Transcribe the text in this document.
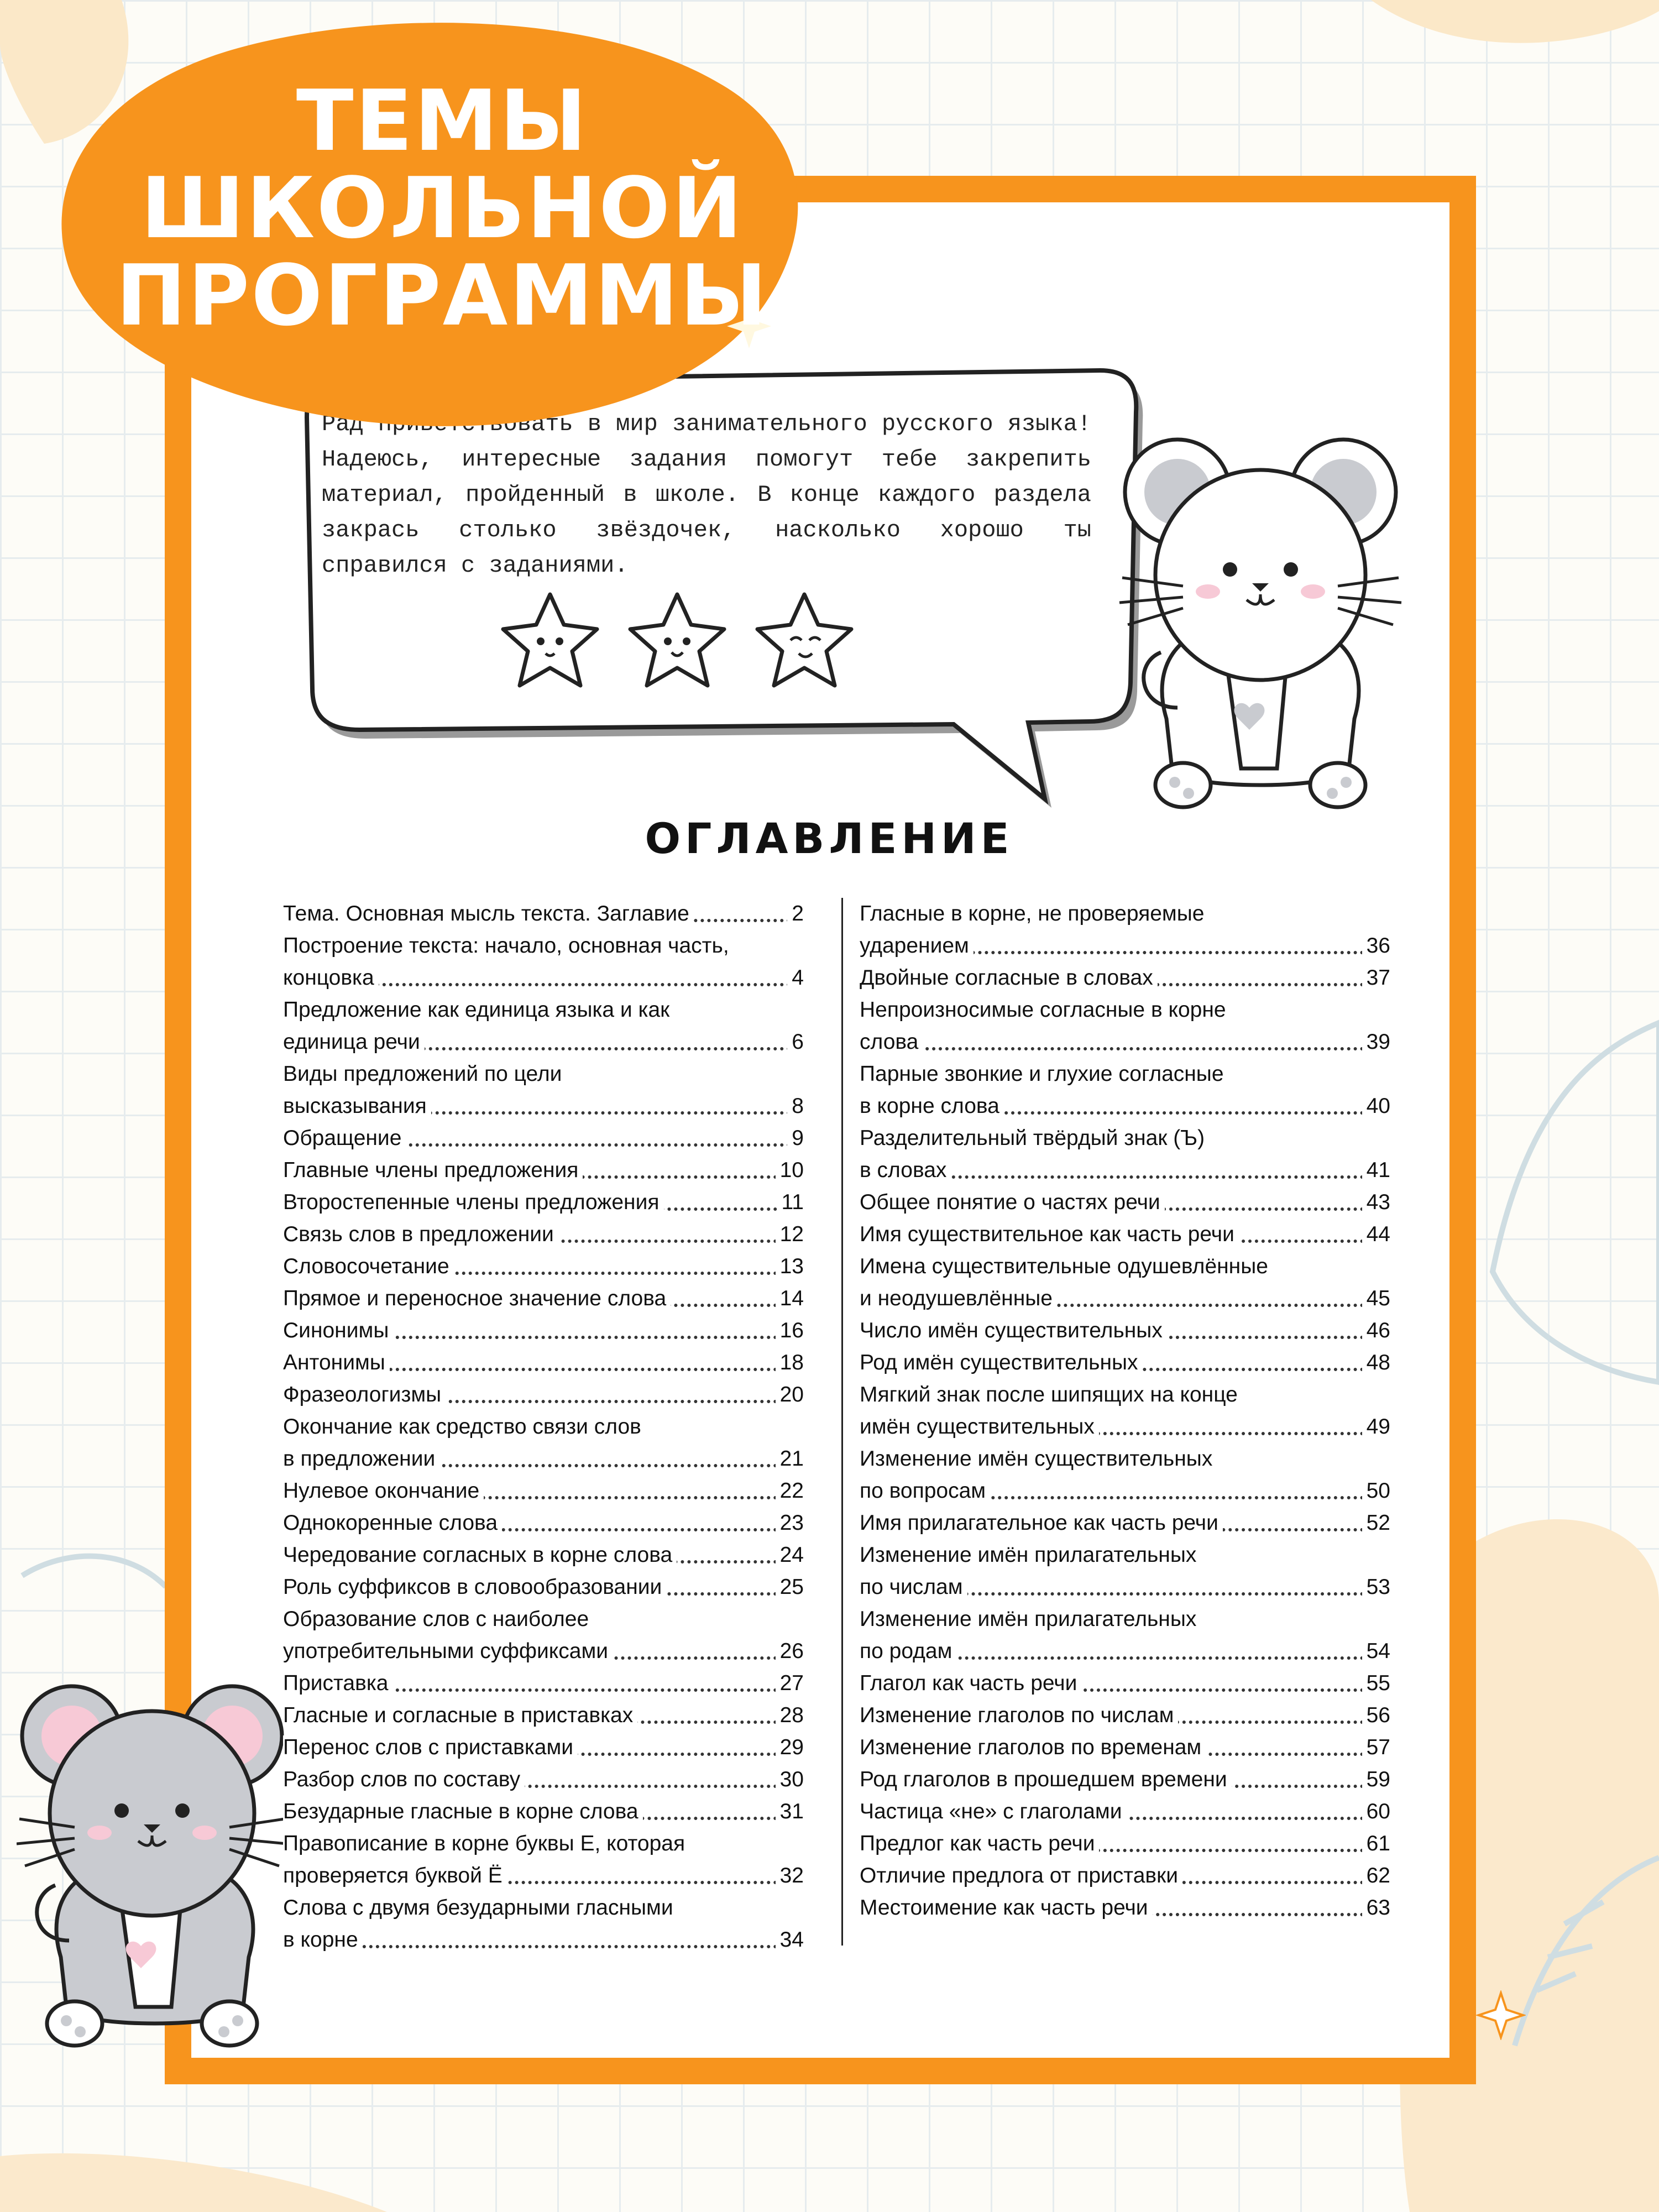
Рад приветствовать в мир занимательного русского языка! Надеюсь, интересные задания помогут тебе закрепить материал, пройденный в школе. В конце каждого раздела закрась столько звёздочек, насколько хорошо ты справился с заданиями.
ТЕМЫ
ШКОЛЬНОЙ
ПРОГРАММЫ
ОГЛАВЛЕНИЕ
Тема. Основная мысль текста. Заглавие	2
Построение текста: начало, основная часть,
концовка	4
Предложение как единица языка и как
единица речи	6
Виды предложений по цели
высказывания	8
Обращение	9
Главные члены предложения	10
Второстепенные члены предложения	11
Связь слов в предложении	12
Словосочетание	13
Прямое и переносное значение слова	14
Синонимы	16
Антонимы	18
Фразеологизмы	20
Окончание как средство связи слов
в предложении	21
Нулевое окончание	22
Однокоренные слова	23
Чередование согласных в корне слова	24
Роль суффиксов в словообразовании	25
Образование слов с наиболее
употребительными суффиксами	26
Приставка	27
Гласные и согласные в приставках	28
Перенос слов с приставками	29
Разбор слов по составу	30
Безударные гласные в корне слова	31
Правописание в корне буквы Е, которая
проверяется буквой Ё	32
Слова с двумя безударными гласными
в корне	34
Гласные в корне, не проверяемые
ударением	36
Двойные согласные в словах	37
Непроизносимые согласные в корне
слова	39
Парные звонкие и глухие согласные
в корне слова	40
Разделительный твёрдый знак (Ъ)
в словах	41
Общее понятие о частях речи	43
Имя существительное как часть речи	44
Имена существительные одушевлённые
и неодушевлённые	45
Число имён существительных	46
Род имён существительных	48
Мягкий знак после шипящих на конце
имён существительных	49
Изменение имён существительных
по вопросам	50
Имя прилагательное как часть речи	52
Изменение имён прилагательных
по числам	53
Изменение имён прилагательных
по родам	54
Глагол как часть речи	55
Изменение глаголов по числам	56
Изменение глаголов по временам	57
Род глаголов в прошедшем времени	59
Частица «не» с глаголами	60
Предлог как часть речи	61
Отличие предлога от приставки	62
Местоимение как часть речи	63
